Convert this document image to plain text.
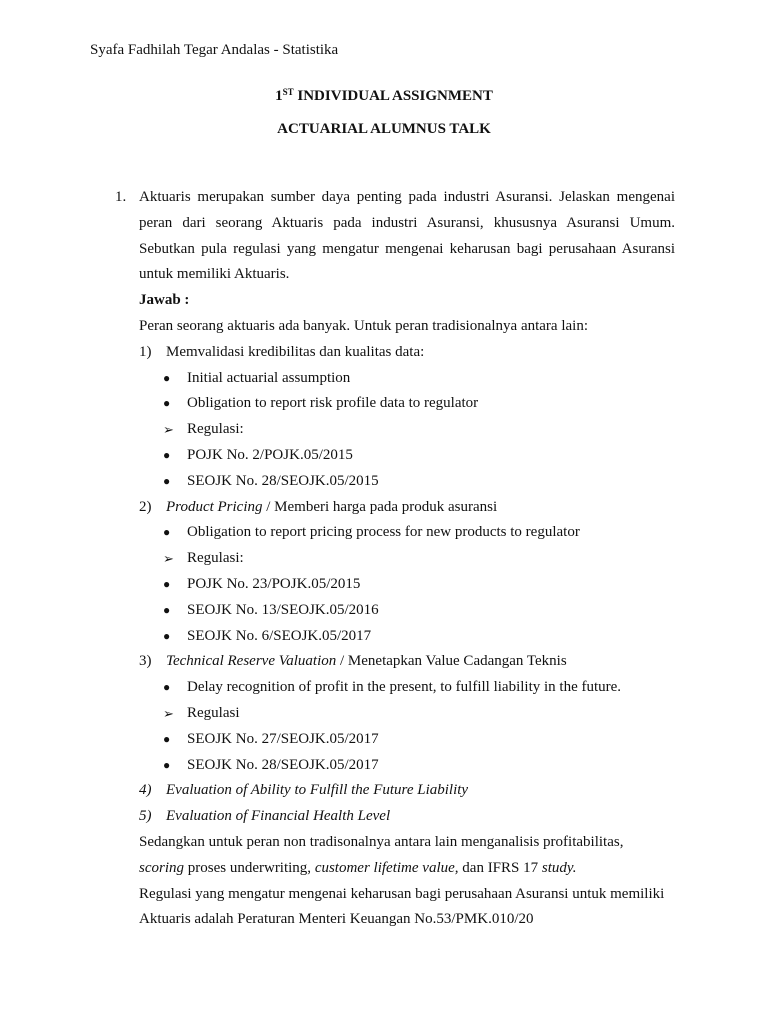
Syafa Fadhilah Tegar Andalas - Statistika
1ST INDIVIDUAL ASSIGNMENT
ACTUARIAL ALUMNUS TALK
1. Aktuaris merupakan sumber daya penting pada industri Asuransi. Jelaskan mengenai peran dari seorang Aktuaris pada industri Asuransi, khususnya Asuransi Umum. Sebutkan pula regulasi yang mengatur mengenai keharusan bagi perusahaan Asuransi untuk memiliki Aktuaris.
Jawab :
Peran seorang aktuaris ada banyak. Untuk peran tradisionalnya antara lain:
1) Memvalidasi kredibilitas dan kualitas data:
●	Initial actuarial assumption
●	Obligation to report risk profile data to regulator
➢ Regulasi:
●	POJK No. 2/POJK.05/2015
●	SEOJK No. 28/SEOJK.05/2015
2) Product Pricing / Memberi harga pada produk asuransi
●	Obligation to report pricing process for new products to regulator
➢ Regulasi:
●	POJK No. 23/POJK.05/2015
●	SEOJK No. 13/SEOJK.05/2016
●	SEOJK No. 6/SEOJK.05/2017
3) Technical Reserve Valuation / Menetapkan Value Cadangan Teknis
●	Delay recognition of profit in the present, to fulfill liability in the future.
➢ Regulasi
●	SEOJK No. 27/SEOJK.05/2017
●	SEOJK No. 28/SEOJK.05/2017
4) Evaluation of Ability to Fulfill the Future Liability
5) Evaluation of Financial Health Level
Sedangkan untuk peran non tradisonalnya antara lain menganalisis profitabilitas,
scoring proses underwriting, customer lifetime value, dan IFRS 17 study.
Regulasi yang mengatur mengenai keharusan bagi perusahaan Asuransi untuk memiliki Aktuaris adalah Peraturan Menteri Keuangan No.53/PMK.010/20
